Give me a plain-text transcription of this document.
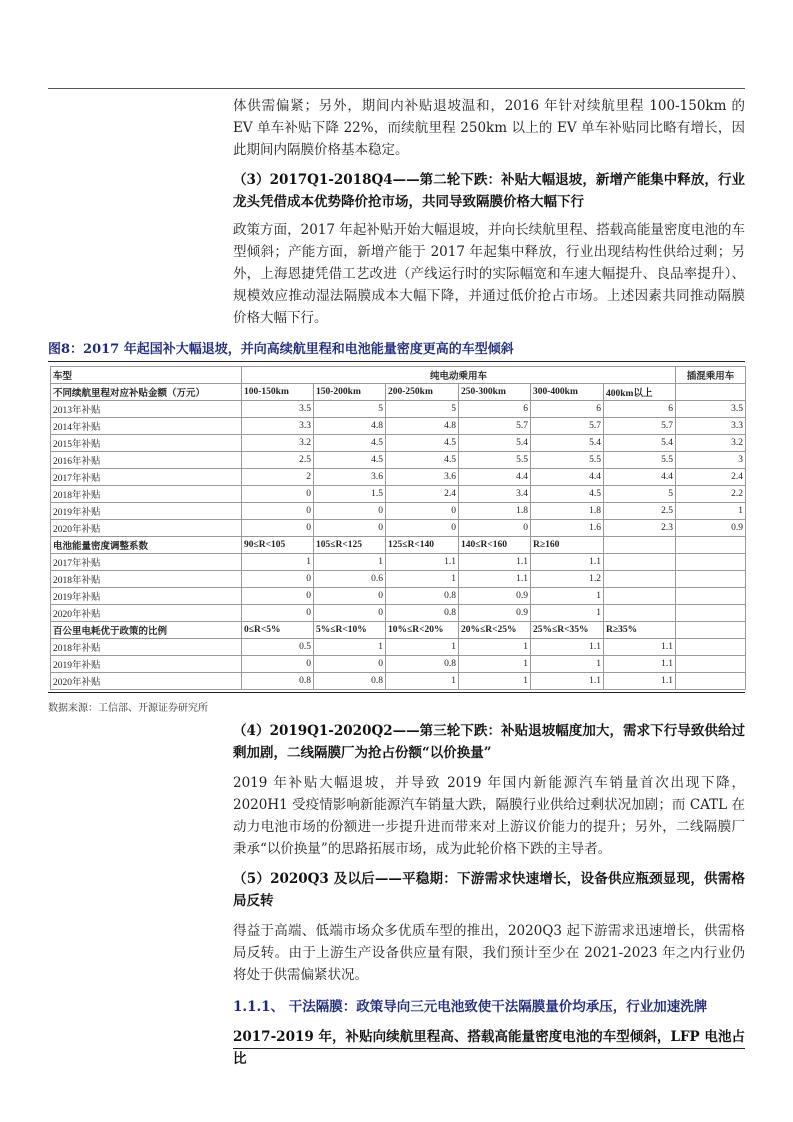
体供需偏紧；另外，期间内补贴退坡温和，2016 年针对续航里程 100-150km 的 EV 单车补贴下降 22%，而续航里程 250km 以上的 EV 单车补贴同比略有增长，因此期间内隔膜价格基本稳定。

（3）2017Q1-2018Q4——第二轮下跌：补贴大幅退坡，新增产能集中释放，行业龙头凭借成本优势降价抢市场，共同导致隔膜价格大幅下行

政策方面，2017 年起补贴开始大幅退坡，并向长续航里程、搭载高能量密度电池的车型倾斜；产能方面，新增产能于 2017 年起集中释放，行业出现结构性供给过剩；另外，上海恩捷凭借工艺改进（产线运行时的实际幅宽和车速大幅提升、良品率提升）、规模效应推动湿法隔膜成本大幅下降，并通过低价抢占市场。上述因素共同推动隔膜价格大幅下行。

图8：2017 年起国补大幅退坡，并向高续航里程和电池能量密度更高的车型倾斜
车型	纯电动乘用车						插混乘用车
不同续航里程对应补贴金额（万元）	100-150km	150-200km	200-250km	250-300km	300-400km	400km以上	
2013年补贴	3.5	5	5	6	6	6	3.5
2014年补贴	3.3	4.8	4.8	5.7	5.7	5.7	3.3
2015年补贴	3.2	4.5	4.5	5.4	5.4	5.4	3.2
2016年补贴	2.5	4.5	4.5	5.5	5.5	5.5	3
2017年补贴	2	3.6	3.6	4.4	4.4	4.4	2.4
2018年补贴	0	1.5	2.4	3.4	4.5	5	2.2
2019年补贴	0	0	0	1.8	1.8	2.5	1
2020年补贴	0	0	0	0	1.6	2.3	0.9
电池能量密度调整系数	90≤R<105	105≤R<125	125≤R<140	140≤R<160	R≥160		
2017年补贴	1	1	1.1	1.1	1.1		
2018年补贴	0	0.6	1	1.1	1.2		
2019年补贴	0	0	0.8	0.9	1		
2020年补贴	0	0	0.8	0.9	1		
百公里电耗优于政策的比例	0≤R<5%	5%≤R<10%	10%≤R<20%	20%≤R<25%	25%≤R<35%	R≥35%	
2018年补贴	0.5	1	1	1	1.1	1.1	
2019年补贴	0	0	0.8	1	1	1.1	
2020年补贴	0.8	0.8	1	1	1.1	1.1	
数据来源：工信部、开源证券研究所

（4）2019Q1-2020Q2——第三轮下跌：补贴退坡幅度加大，需求下行导致供给过剩加剧，二线隔膜厂为抢占份额“以价换量”

2019 年补贴大幅退坡，并导致 2019 年国内新能源汽车销量首次出现下降，2020H1 受疫情影响新能源汽车销量大跌，隔膜行业供给过剩状况加剧；而 CATL 在动力电池市场的份额进一步提升进而带来对上游议价能力的提升；另外，二线隔膜厂秉承“以价换量”的思路拓展市场，成为此轮价格下跌的主导者。

（5）2020Q3 及以后——平稳期：下游需求快速增长，设备供应瓶颈显现，供需格局反转

得益于高端、低端市场众多优质车型的推出，2020Q3 起下游需求迅速增长，供需格局反转。由于上游生产设备供应量有限，我们预计至少在 2021-2023 年之内行业仍将处于供需偏紧状况。

1.1.1、 干法隔膜：政策导向三元电池致使干法隔膜量价均承压，行业加速洗牌

2017-2019 年，补贴向续航里程高、搭载高能量密度电池的车型倾斜，LFP 电池占比
